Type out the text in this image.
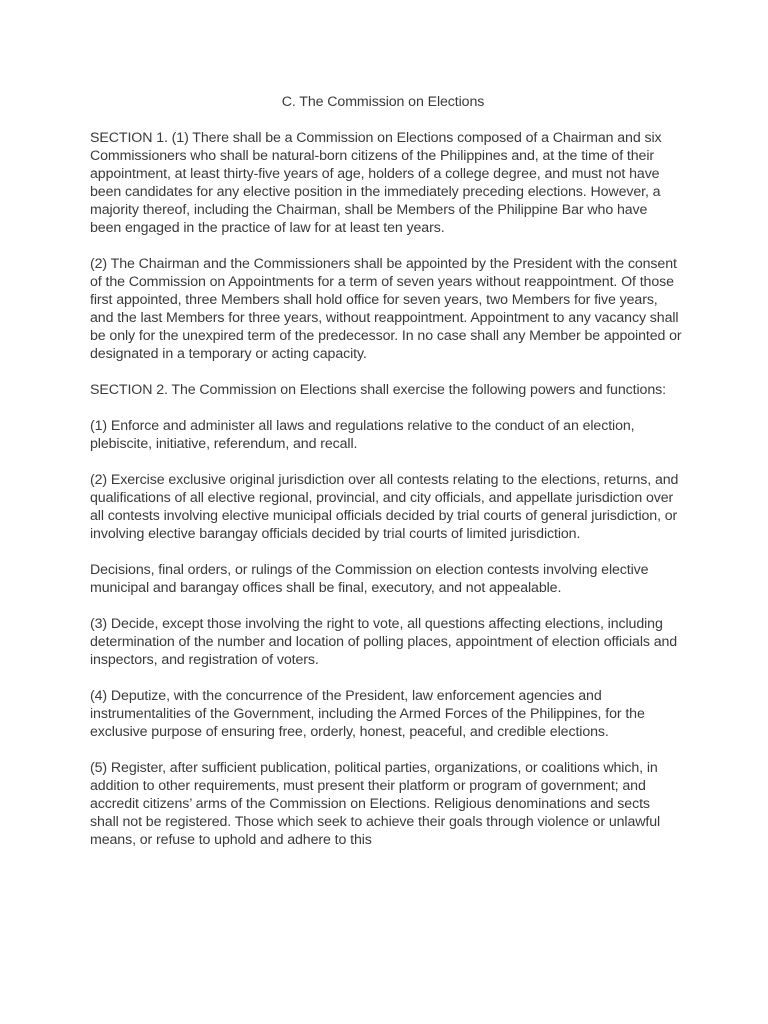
C. The Commission on Elections
SECTION 1. (1) There shall be a Commission on Elections composed of a Chairman and six Commissioners who shall be natural-born citizens of the Philippines and, at the time of their appointment, at least thirty-five years of age, holders of a college degree, and must not have been candidates for any elective position in the immediately preceding elections. However, a majority thereof, including the Chairman, shall be Members of the Philippine Bar who have been engaged in the practice of law for at least ten years.
(2) The Chairman and the Commissioners shall be appointed by the President with the consent of the Commission on Appointments for a term of seven years without reappointment. Of those first appointed, three Members shall hold office for seven years, two Members for five years, and the last Members for three years, without reappointment. Appointment to any vacancy shall be only for the unexpired term of the predecessor. In no case shall any Member be appointed or designated in a temporary or acting capacity.
SECTION 2. The Commission on Elections shall exercise the following powers and functions:
(1) Enforce and administer all laws and regulations relative to the conduct of an election, plebiscite, initiative, referendum, and recall.
(2) Exercise exclusive original jurisdiction over all contests relating to the elections, returns, and qualifications of all elective regional, provincial, and city officials, and appellate jurisdiction over all contests involving elective municipal officials decided by trial courts of general jurisdiction, or involving elective barangay officials decided by trial courts of limited jurisdiction.
Decisions, final orders, or rulings of the Commission on election contests involving elective municipal and barangay offices shall be final, executory, and not appealable.
(3) Decide, except those involving the right to vote, all questions affecting elections, including determination of the number and location of polling places, appointment of election officials and inspectors, and registration of voters.
(4) Deputize, with the concurrence of the President, law enforcement agencies and instrumentalities of the Government, including the Armed Forces of the Philippines, for the exclusive purpose of ensuring free, orderly, honest, peaceful, and credible elections.
(5) Register, after sufficient publication, political parties, organizations, or coalitions which, in addition to other requirements, must present their platform or program of government; and accredit citizens’ arms of the Commission on Elections. Religious denominations and sects shall not be registered. Those which seek to achieve their goals through violence or unlawful means, or refuse to uphold and adhere to this
